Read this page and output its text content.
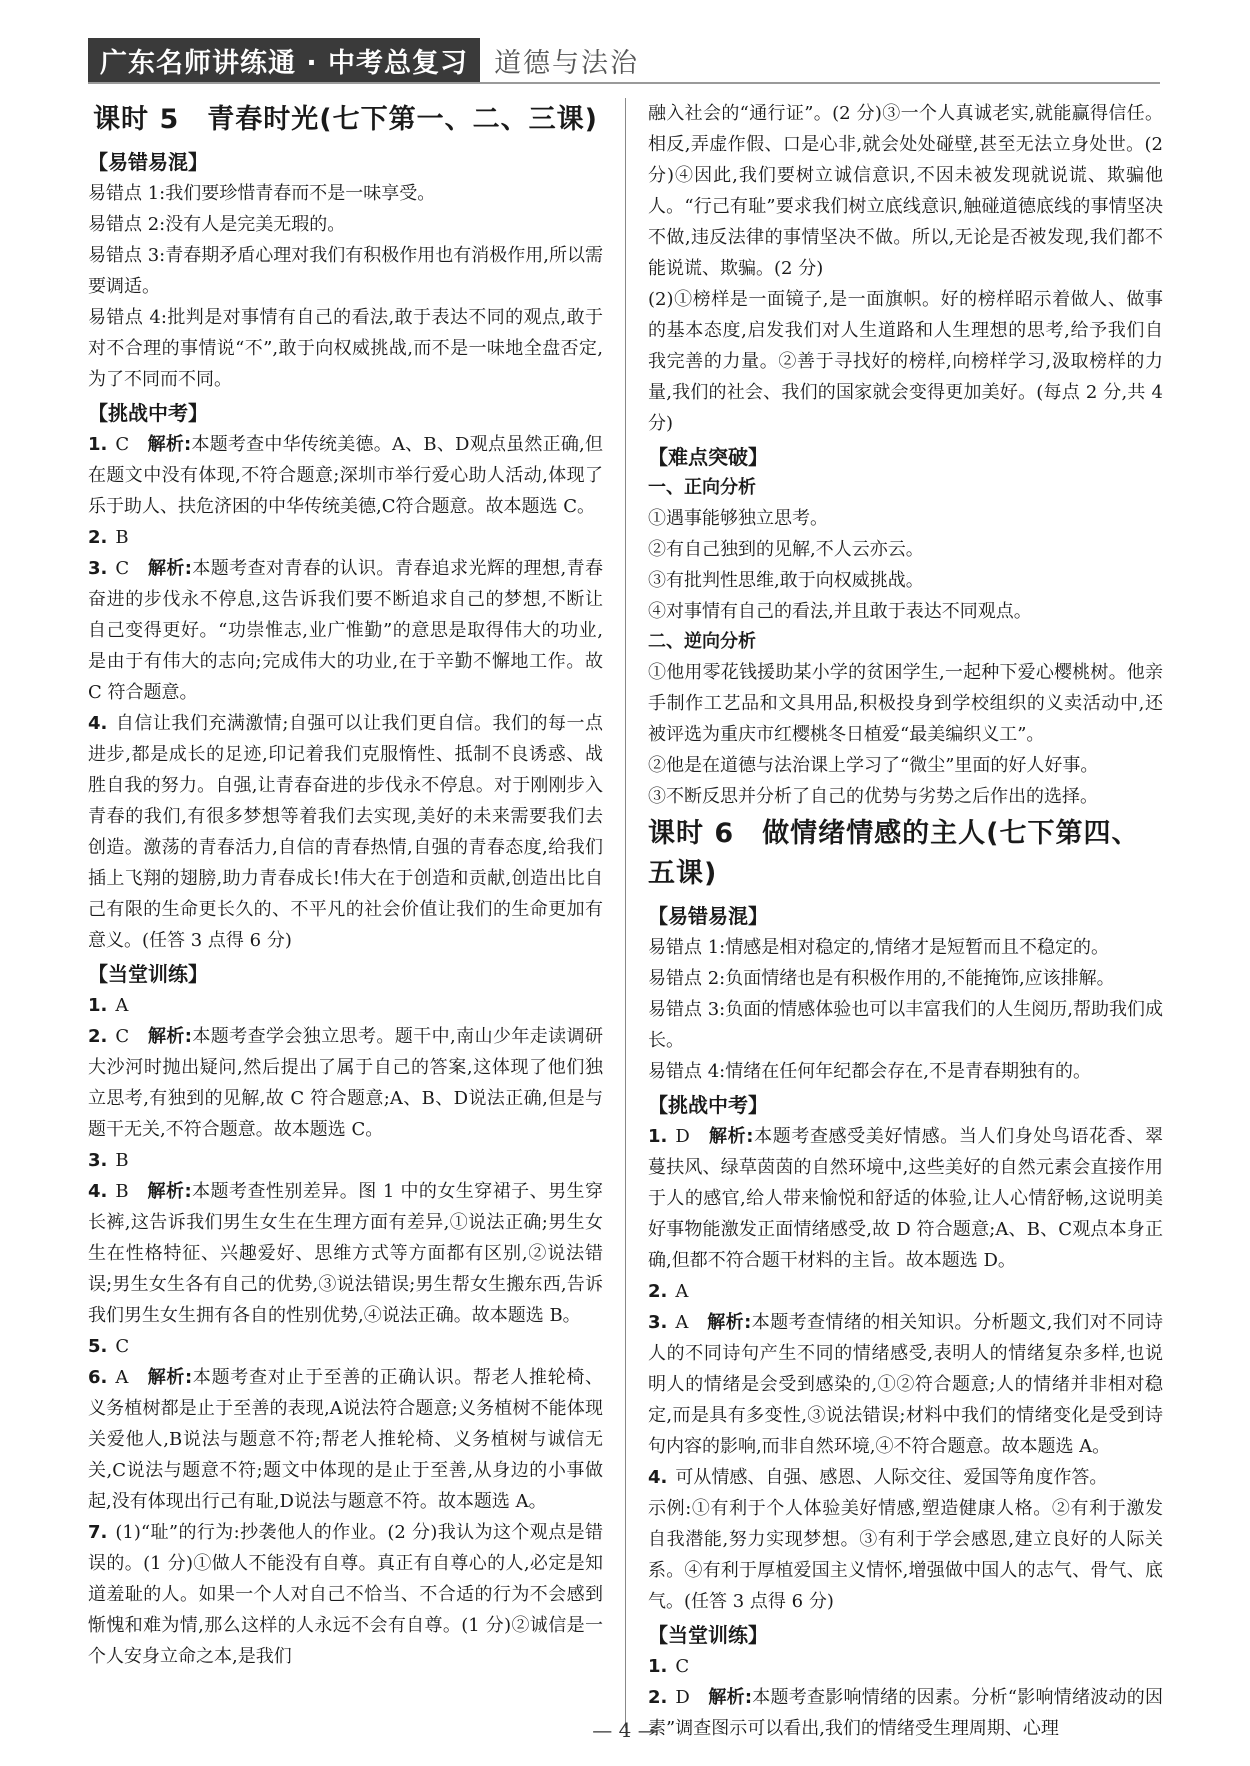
广东名师讲练通 · 中考总复习 道德与法治
课时 5　青春时光(七下第一、二、三课)
【易错易混】

易错点 1:我们要珍惜青春而不是一味享受。

易错点 2:没有人是完美无瑕的。

易错点 3:青春期矛盾心理对我们有积极作用也有消极作用,所以需要调适。

易错点 4:批判是对事情有自己的看法,敢于表达不同的观点,敢于对不合理的事情说“不”,敢于向权威挑战,而不是一味地全盘否定,为了不同而不同。

【挑战中考】

1. C　 解析:本题考查中华传统美德。A、B、D观点虽然正确,但在题文中没有体现,不符合题意;深圳市举行爱心助人活动,体现了乐于助人、扶危济困的中华传统美德,C符合题意。故本题选 C。

2. B

3. C　 解析:本题考查对青春的认识。青春追求光辉的理想,青春奋进的步伐永不停息,这告诉我们要不断追求自己的梦想,不断让自己变得更好。“功崇惟志,业广惟勤”的意思是取得伟大的功业,是由于有伟大的志向;完成伟大的功业,在于辛勤不懈地工作。故 C 符合题意。

4. 自信让我们充满激情;自强可以让我们更自信。我们的每一点进步,都是成长的足迹,印记着我们克服惰性、抵制不良诱惑、战胜自我的努力。自强,让青春奋进的步伐永不停息。对于刚刚步入青春的我们,有很多梦想等着我们去实现,美好的未来需要我们去创造。激荡的青春活力,自信的青春热情,自强的青春态度,给我们插上飞翔的翅膀,助力青春成长!伟大在于创造和贡献,创造出比自己有限的生命更长久的、不平凡的社会价值让我们的生命更加有意义。(任答 3 点得 6 分)

【当堂训练】

1. A

2. C　 解析:本题考查学会独立思考。题干中,南山少年走读调研大沙河时抛出疑问,然后提出了属于自己的答案,这体现了他们独立思考,有独到的见解,故 C 符合题意;A、B、D说法正确,但是与题干无关,不符合题意。故本题选 C。

3. B

4. B　 解析:本题考查性别差异。图 1 中的女生穿裙子、男生穿长裤,这告诉我们男生女生在生理方面有差异,①说法正确;男生女生在性格特征、兴趣爱好、思维方式等方面都有区别,②说法错误;男生女生各有自己的优势,③说法错误;男生帮女生搬东西,告诉我们男生女生拥有各自的性别优势,④说法正确。故本题选 B。

5. C

6. A　 解析:本题考查对止于至善的正确认识。帮老人推轮椅、义务植树都是止于至善的表现,A说法符合题意;义务植树不能体现关爱他人,B说法与题意不符;帮老人推轮椅、义务植树与诚信无关,C说法与题意不符;题文中体现的是止于至善,从身边的小事做起,没有体现出行己有耻,D说法与题意不符。故本题选 A。

7. (1)“耻”的行为:抄袭他人的作业。(2 分)我认为这个观点是错误的。(1 分)①做人不能没有自尊。真正有自尊心的人,必定是知道羞耻的人。如果一个人对自己不恰当、不合适的行为不会感到惭愧和难为情,那么这样的人永远不会有自尊。(1 分)②诚信是一个人安身立命之本,是我们

融入社会的“通行证”。(2 分)③一个人真诚老实,就能赢得信任。相反,弄虚作假、口是心非,就会处处碰壁,甚至无法立身处世。(2 分)④因此,我们要树立诚信意识,不因未被发现就说谎、欺骗他人。“行己有耻”要求我们树立底线意识,触碰道德底线的事情坚决不做,违反法律的事情坚决不做。所以,无论是否被发现,我们都不能说谎、欺骗。(2 分)

(2)①榜样是一面镜子,是一面旗帜。好的榜样昭示着做人、做事的基本态度,启发我们对人生道路和人生理想的思考,给予我们自我完善的力量。②善于寻找好的榜样,向榜样学习,汲取榜样的力量,我们的社会、我们的国家就会变得更加美好。(每点 2 分,共 4 分)

【难点突破】
一、正向分析

①遇事能够独立思考。

②有自己独到的见解,不人云亦云。

③有批判性思维,敢于向权威挑战。

④对事情有自己的看法,并且敢于表达不同观点。

二、逆向分析

①他用零花钱援助某小学的贫困学生,一起种下爱心樱桃树。他亲手制作工艺品和文具用品,积极投身到学校组织的义卖活动中,还被评选为重庆市红樱桃冬日植爱“最美编织义工”。

②他是在道德与法治课上学习了“微尘”里面的好人好事。

③不断反思并分析了自己的优势与劣势之后作出的选择。

课时 6　做情绪情感的主人(七下第四、五课)
【易错易混】

易错点 1:情感是相对稳定的,情绪才是短暂而且不稳定的。

易错点 2:负面情绪也是有积极作用的,不能掩饰,应该排解。

易错点 3:负面的情感体验也可以丰富我们的人生阅历,帮助我们成长。

易错点 4:情绪在任何年纪都会存在,不是青春期独有的。

【挑战中考】

1. D　 解析:本题考查感受美好情感。当人们身处鸟语花香、翠蔓扶风、绿草茵茵的自然环境中,这些美好的自然元素会直接作用于人的感官,给人带来愉悦和舒适的体验,让人心情舒畅,这说明美好事物能激发正面情绪感受,故 D 符合题意;A、B、C观点本身正确,但都不符合题干材料的主旨。故本题选 D。

2. A

3. A　 解析:本题考查情绪的相关知识。分析题文,我们对不同诗人的不同诗句产生不同的情绪感受,表明人的情绪复杂多样,也说明人的情绪是会受到感染的,①②符合题意;人的情绪并非相对稳定,而是具有多变性,③说法错误;材料中我们的情绪变化是受到诗句内容的影响,而非自然环境,④不符合题意。故本题选 A。

4. 可从情感、自强、感恩、人际交往、爱国等角度作答。

示例:①有利于个人体验美好情感,塑造健康人格。②有利于激发自我潜能,努力实现梦想。③有利于学会感恩,建立良好的人际关系。④有利于厚植爱国主义情怀,增强做中国人的志气、骨气、底气。(任答 3 点得 6 分)

【当堂训练】

1. C

2. D　 解析:本题考查影响情绪的因素。分析“影响情绪波动的因素”调查图示可以看出,我们的情绪受生理周期、心理

— 4 —
